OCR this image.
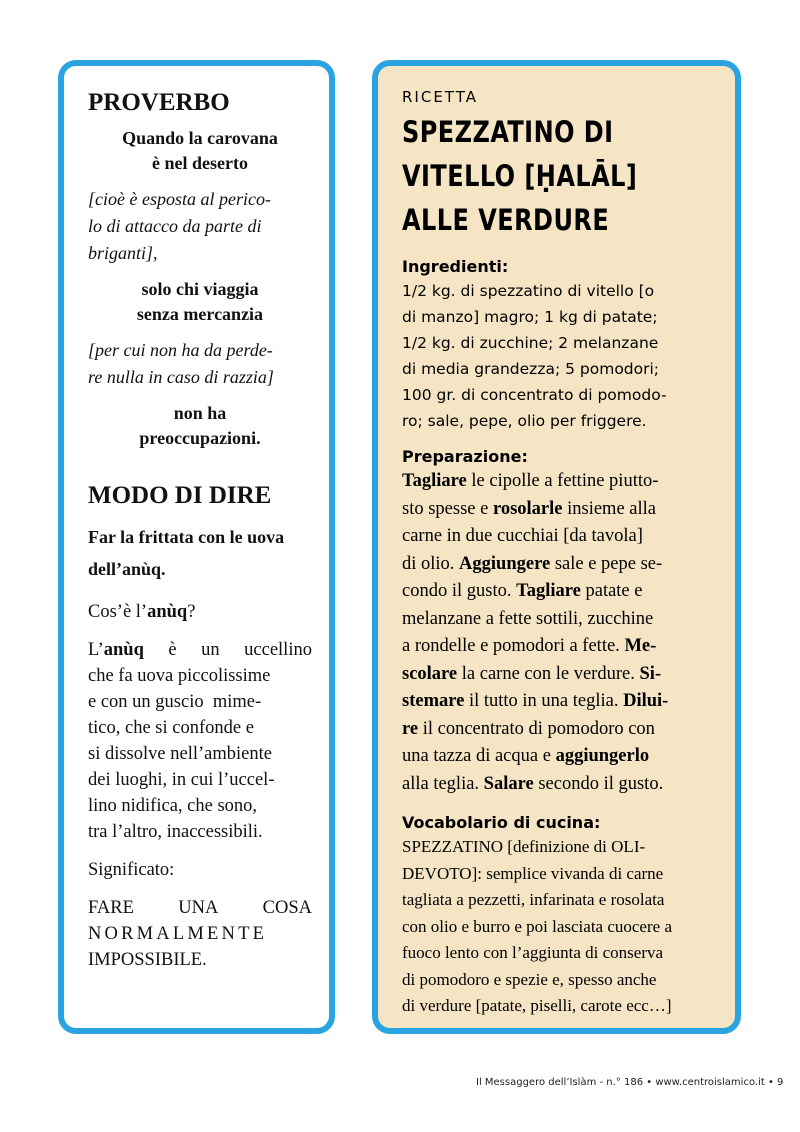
PROVERBO

Quando la carovana

è nel deserto

[cioè è esposta al perico-
lo di attacco da parte di
briganti],

solo chi viaggia

senza mercanzia

[per cui non ha da perde-
re nulla in caso di razzia]

non ha

preoccupazioni.

MODO DI DIRE

Far la frittata con le uova

dell’anùq.

Cos’è l’anùq?

L’anùq è un uccellino
che fa uova piccolissime
e con un guscio  mime-
tico, che si confonde e
si dissolve nell’ambiente
dei luoghi, in cui l’uccel-
lino nidifica, che sono,
tra l’altro, inaccessibili.

Significato:

FARE UNA COSA
NORMALMENTE
IMPOSSIBILE.

RICETTA

SPEZZATINO DI
VITELLO [ḤALĀL]
ALLE VERDURE

Ingredienti:

1/2 kg. di spezzatino di vitello [o
di manzo] magro; 1 kg di patate;
1/2 kg. di zucchine; 2 melanzane
di media grandezza; 5 pomodori;
100 gr. di concentrato di pomodo-
ro; sale, pepe, olio per friggere.

Preparazione:

Tagliare le cipolle a fettine piutto-
sto spesse e rosolarle insieme alla
carne in due cucchiai [da tavola]
di olio. Aggiungere sale e pepe se-
condo il gusto. Tagliare patate e
melanzane a fette sottili, zucchine
a rondelle e pomodori a fette. Me-
scolare la carne con le verdure. Si-
stemare il tutto in una teglia. Dilui-
re il concentrato di pomodoro con
una tazza di acqua e aggiungerlo
alla teglia. Salare secondo il gusto.

Vocabolario di cucina:

SPEZZATINO [definizione di OLI-
DEVOTO]: semplice vivanda di carne
tagliata a pezzetti, infarinata e rosolata
con olio e burro e poi lasciata cuocere a
fuoco lento con l’aggiunta di conserva
di pomodoro e spezie e, spesso anche
di verdure [patate, piselli, carote ecc…]
Il Messaggero dell’Islàm - n.° 186 • www.centroislamico.it • 9
